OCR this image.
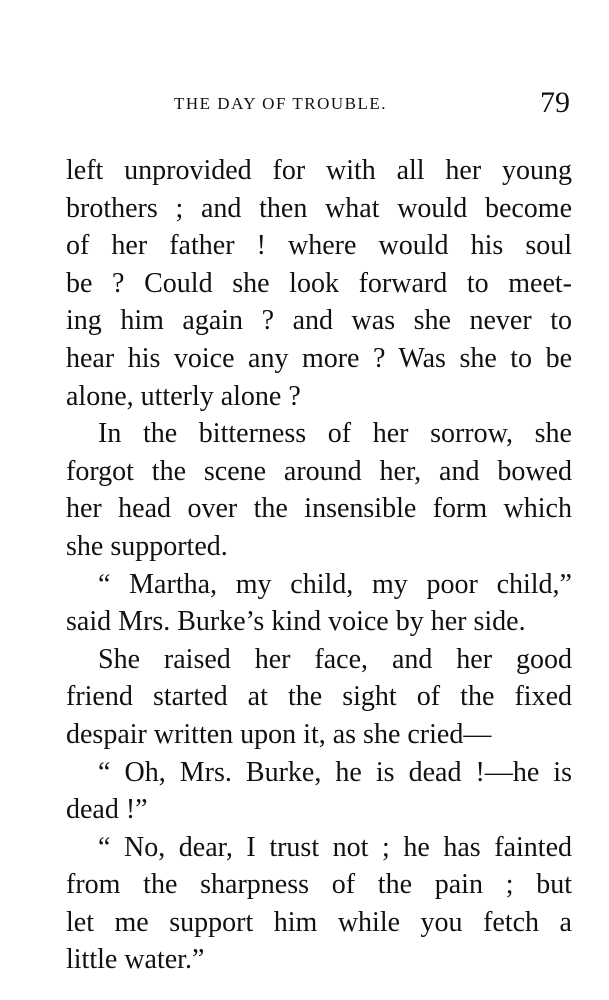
THE DAY OF TROUBLE.	79
left unprovided for with all her young
brothers ; and then what would become
of her father ! where would his soul
be ? Could she look forward to meet-
ing him again ? and was she never to
hear his voice any more ? Was she to be
alone, utterly alone ?
In the bitterness of her sorrow, she
forgot the scene around her, and bowed
her head over the insensible form which
she supported.
“ Martha, my child, my poor child,”
said Mrs. Burke’s kind voice by her side.
She raised her face, and her good
friend started at the sight of the fixed
despair written upon it, as she cried—
“ Oh, Mrs. Burke, he is dead !—he is
dead !”
“ No, dear, I trust not ; he has fainted
from the sharpness of the pain ; but
let me support him while you fetch a
little water.”
